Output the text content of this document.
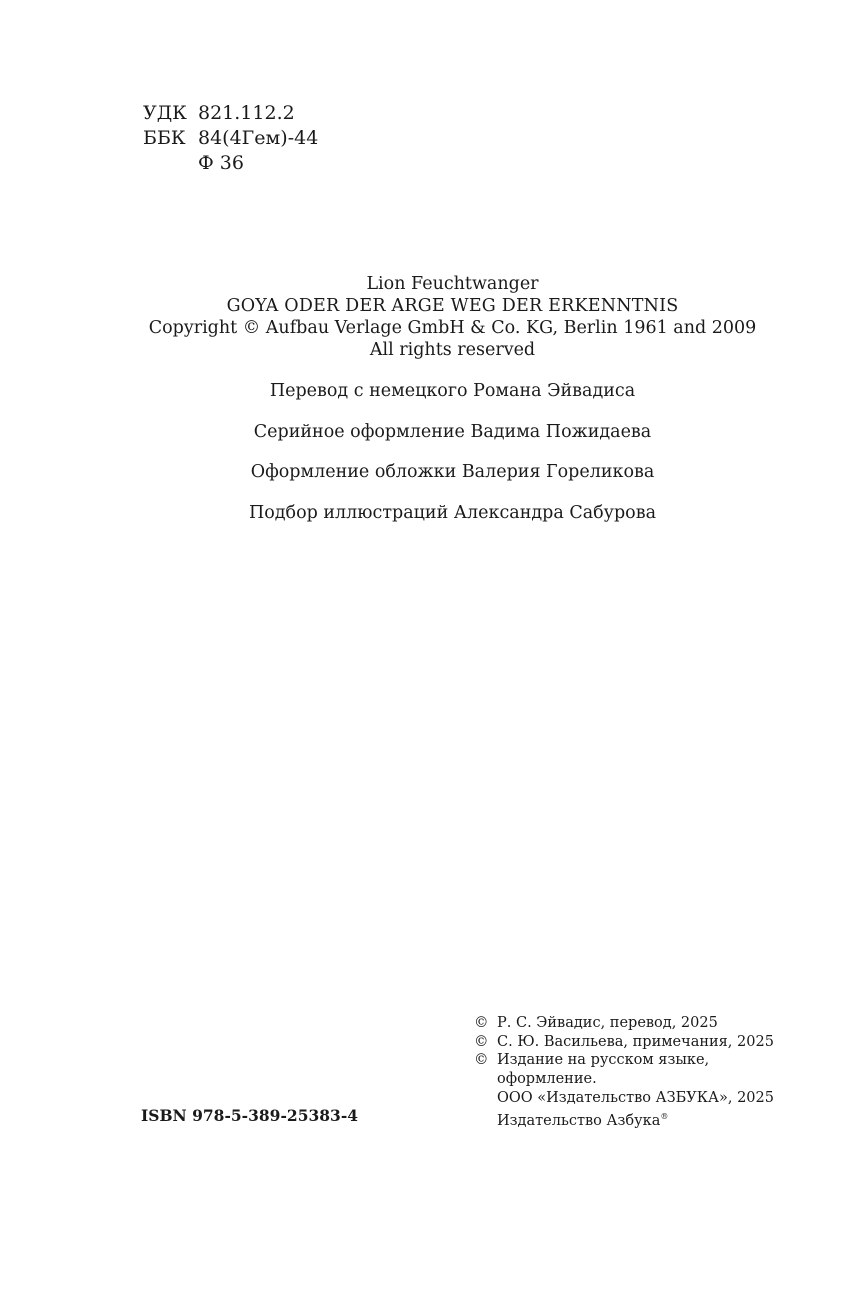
УДК 821.112.2
ББК 84(4Гем)-44
Ф 36
Lion Feuchtwanger
GOYA ODER DER ARGE WEG DER ERKENNTNIS
Copyright © Aufbau Verlage GmbH & Co. KG, Berlin 1961 and 2009
All rights reserved
Перевод с немецкого Романа Эйвадиса
Серийное оформление Вадима Пожидаева
Оформление обложки Валерия Гореликова
Подбор иллюстраций Александра Сабурова
ISBN 978-5-389-25383-4
© Р. С. Эйвадис, перевод, 2025
© С. Ю. Васильева, примечания, 2025
© Издание на русском языке,
оформление.
ООО «Издательство АЗБУКА», 2025
Издательство Азбука®
